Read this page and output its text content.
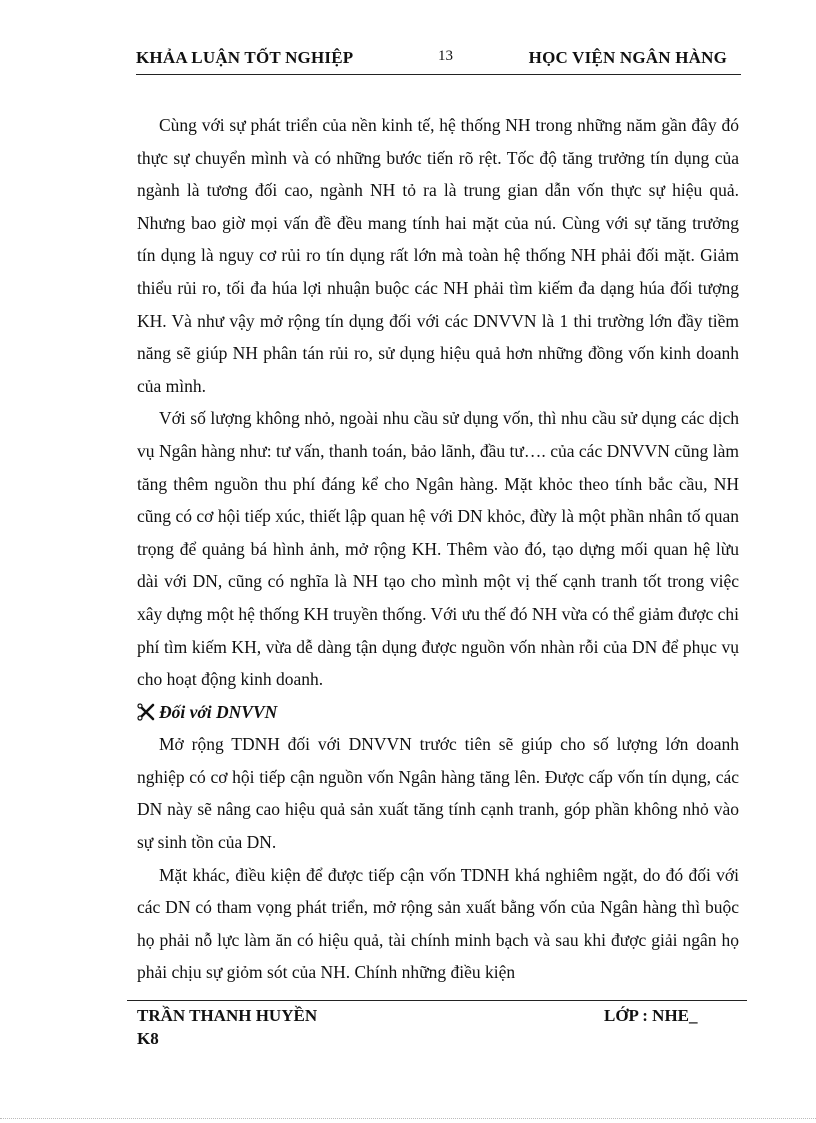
KHẢA LUẬN TỐT NGHIỆP	13	HỌC VIỆN NGÂN HÀNG

Cùng với sự phát triển của nền kinh tế, hệ thống NH trong những năm gần đây đó thực sự chuyển mình và có những bước tiến rõ rệt. Tốc độ tăng trưởng tín dụng của ngành là tương đối cao, ngành NH tỏ ra là trung gian dẫn vốn thực sự hiệu quả. Nhưng bao giờ mọi vấn đề đều mang tính hai mặt của nú. Cùng với sự tăng trưởng tín dụng là nguy cơ rủi ro tín dụng rất lớn mà toàn hệ thống NH phải đối mặt. Giảm thiểu rủi ro, tối đa húa lợi nhuận buộc các NH phải tìm kiếm đa dạng húa đối tượng KH. Và như vậy mở rộng tín dụng đối với các DNVVN là 1 thi trường lớn đầy tiềm năng sẽ giúp NH phân tán rủi ro, sử dụng hiệu quả hơn những đồng vốn kinh doanh của mình.

Với số lượng không nhỏ, ngoài nhu cầu sử dụng vốn, thì nhu cầu sử dụng các dịch vụ Ngân hàng như: tư vấn, thanh toán, bảo lãnh, đầu tư…. của các DNVVN cũng làm tăng thêm nguồn thu phí đáng kể cho Ngân hàng. Mặt khỏc theo tính bắc cầu, NH cũng có cơ hội tiếp xúc, thiết lập quan hệ với DN khỏc, đừy là một phần nhân tố quan trọng để quảng bá hình ảnh, mở rộng KH. Thêm vào đó, tạo dựng mối quan hệ lừu dài với DN, cũng có nghĩa là NH tạo cho mình một vị thế cạnh tranh tốt trong việc xây dựng một hệ thống KH truyền thống. Với ưu thế đó NH vừa có thể giảm được chi phí tìm kiếm KH, vừa dễ dàng tận dụng được nguồn vốn nhàn rỗi của DN để phục vụ cho hoạt động kinh doanh.

Đối với DNVVN

Mở rộng TDNH đối với DNVVN trước tiên sẽ giúp cho số lượng lớn doanh nghiệp có cơ hội tiếp cận nguồn vốn Ngân hàng tăng lên. Được cấp vốn tín dụng, các DN này sẽ nâng cao hiệu quả sản xuất tăng tính cạnh tranh, góp phần không nhỏ vào sự sinh tồn của DN.

Mặt khác, điều kiện để được tiếp cận vốn TDNH khá nghiêm ngặt, do đó đối với các DN có tham vọng phát triển, mở rộng sản xuất bằng vốn của Ngân hàng thì buộc họ phải nỗ lực làm ăn có hiệu quả, tài chính minh bạch và sau khi được giải ngân họ phải chịu sự giỏm sót của NH. Chính những điều kiện

TRẦN THANH HUYỀN	LỚP : NHE_
K8
